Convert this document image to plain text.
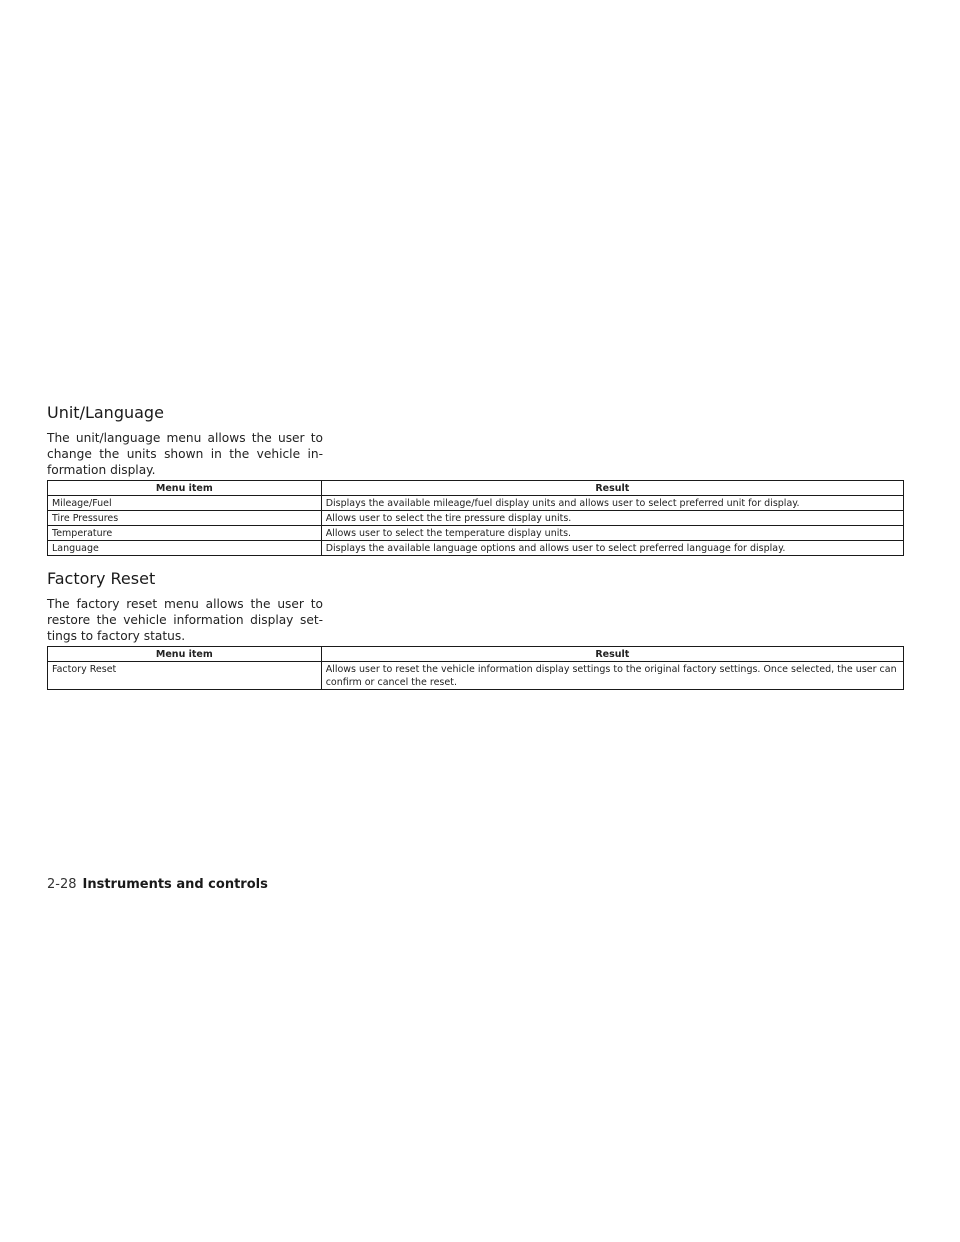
Unit/Language

The unit/language menu allows the user to change the units shown in the vehicle in-formation display.

Menu item	Result
Mileage/Fuel	Displays the available mileage/fuel display units and allows user to select preferred unit for display.
Tire Pressures	Allows user to select the tire pressure display units.
Temperature	Allows user to select the temperature display units.
Language	Displays the available language options and allows user to select preferred language for display.
Factory Reset

The factory reset menu allows the user to restore the vehicle information display set-tings to factory status.

Menu item	Result
Factory Reset	Allows user to reset the vehicle information display settings to the original factory settings. Once selected, the user can confirm or cancel the reset.
2-28 Instruments and controls
